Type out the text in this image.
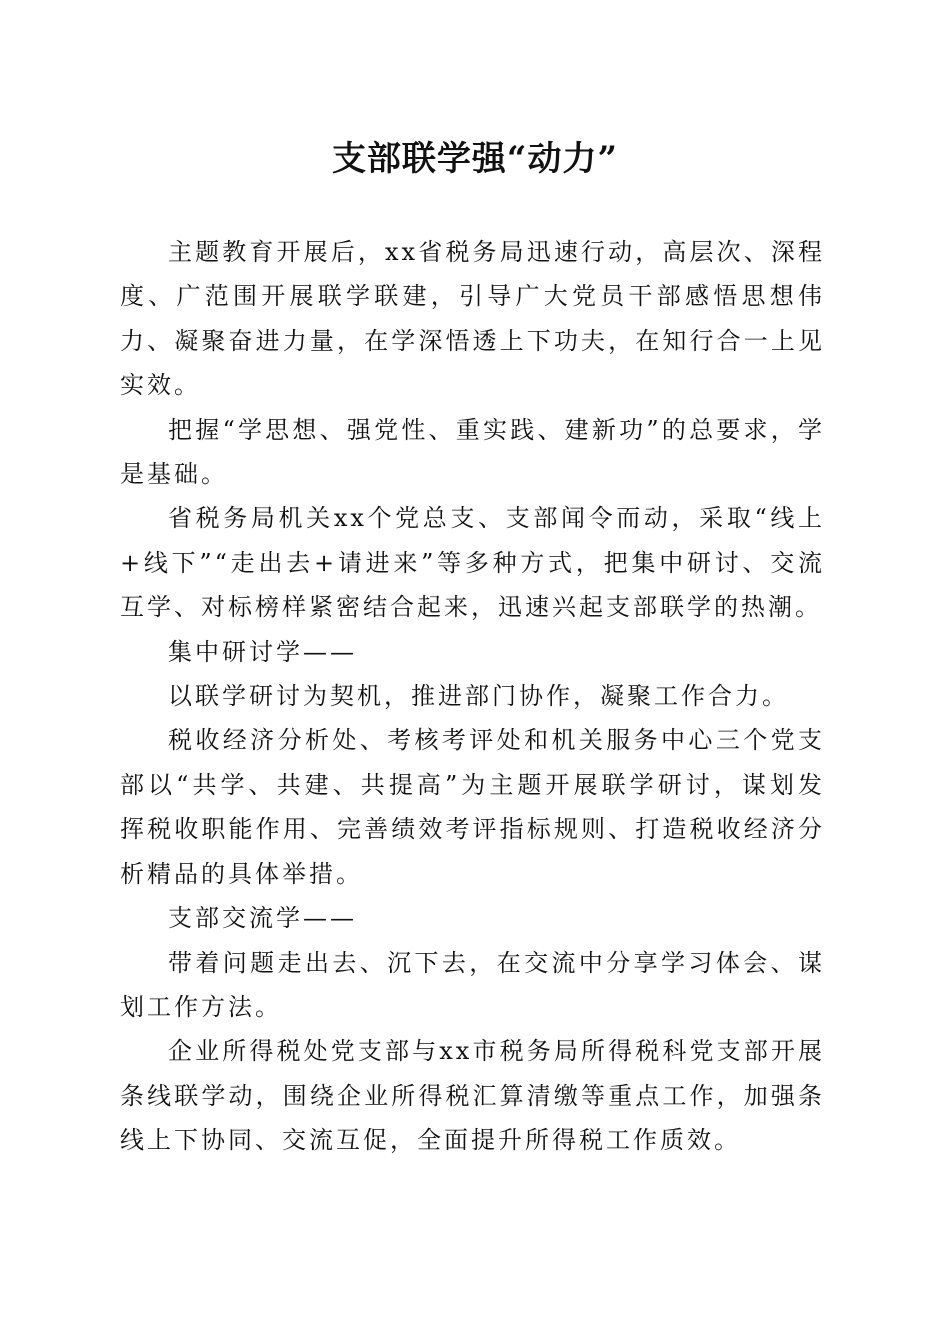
支部联学强“动力”

主题教育开展后，xx省税务局迅速行动，高层次、深程度、广范围开展联学联建，引导广大党员干部感悟思想伟力、凝聚奋进力量，在学深悟透上下功夫，在知行合一上见实效。

把握“学思想、强党性、重实践、建新功”的总要求，学是基础。

省税务局机关xx个党总支、支部闻令而动，采取“线上+线下”“走出去+请进来”等多种方式，把集中研讨、交流互学、对标榜样紧密结合起来，迅速兴起支部联学的热潮。

集中研讨学——

以联学研讨为契机，推进部门协作，凝聚工作合力。

税收经济分析处、考核考评处和机关服务中心三个党支部以“共学、共建、共提高”为主题开展联学研讨，谋划发挥税收职能作用、完善绩效考评指标规则、打造税收经济分析精品的具体举措。

支部交流学——

带着问题走出去、沉下去，在交流中分享学习体会、谋划工作方法。

企业所得税处党支部与xx市税务局所得税科党支部开展条线联学动，围绕企业所得税汇算清缴等重点工作，加强条线上下协同、交流互促，全面提升所得税工作质效。
